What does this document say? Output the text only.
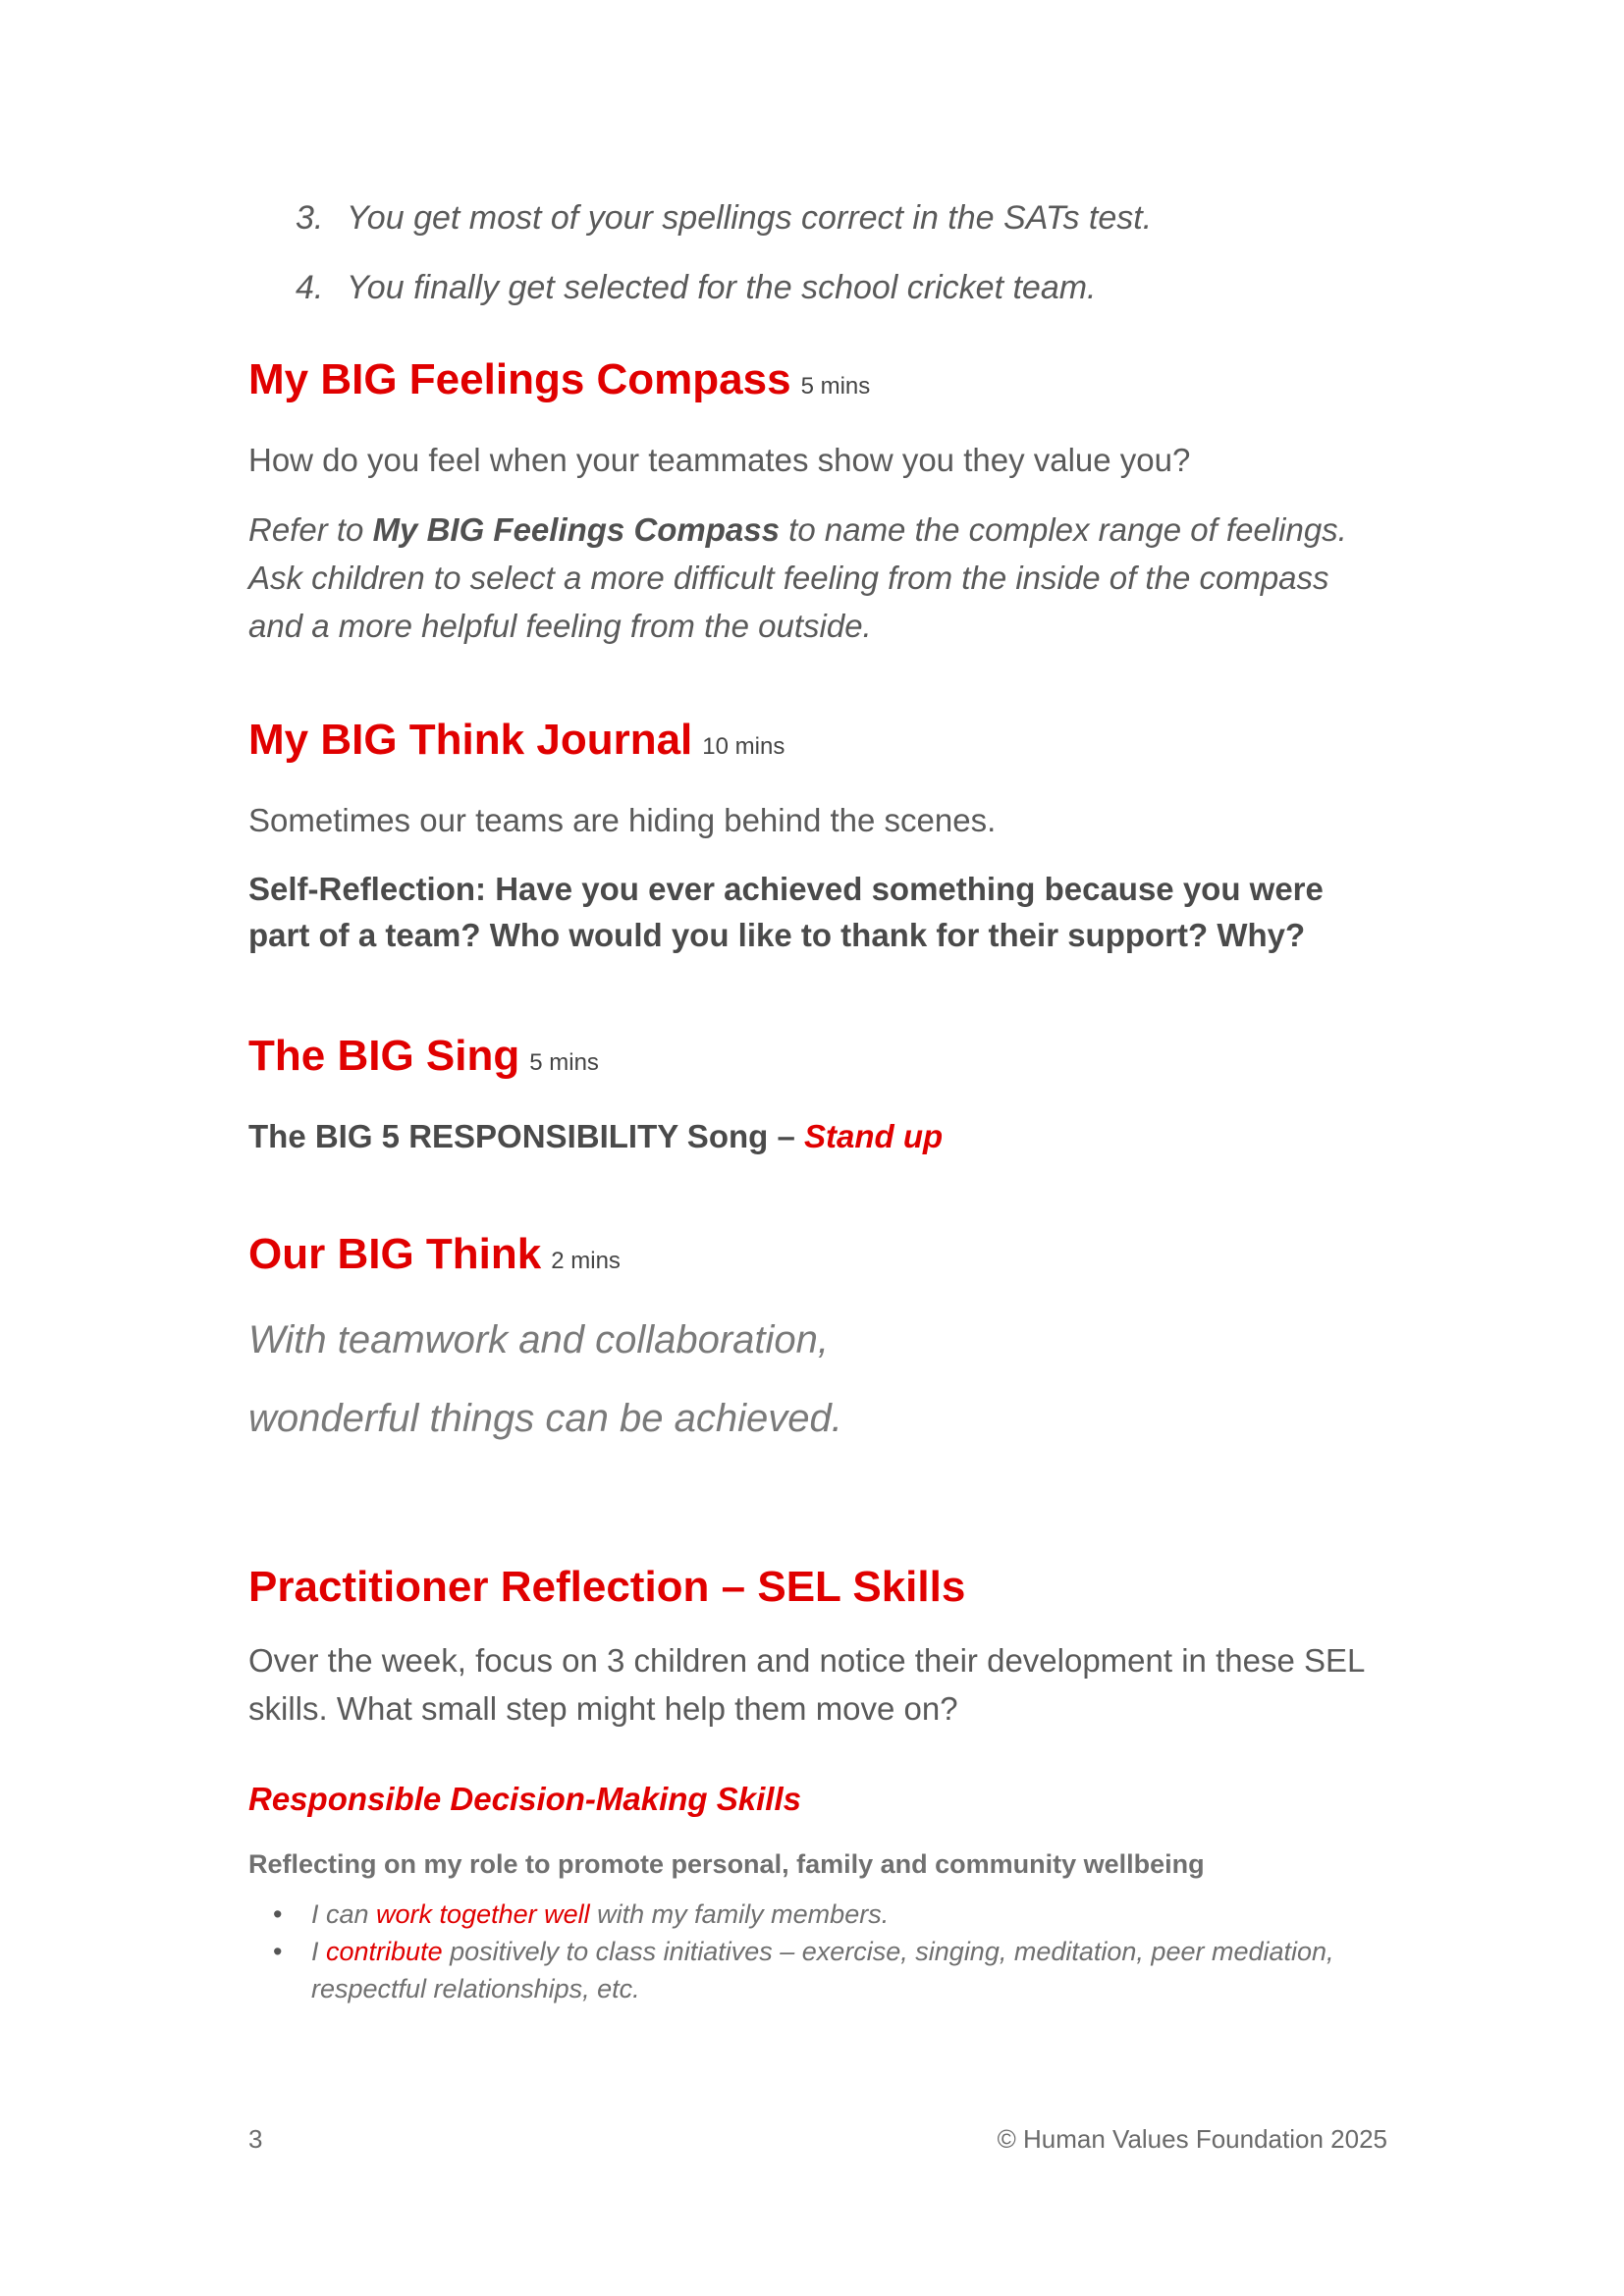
3. You get most of your spellings correct in the SATs test.
4. You finally get selected for the school cricket team.
My BIG Feelings Compass 5 mins

How do you feel when your teammates show you they value you?

Refer to My BIG Feelings Compass to name the complex range of feelings. Ask children to select a more difficult feeling from the inside of the compass and a more helpful feeling from the outside.

My BIG Think Journal 10 mins

Sometimes our teams are hiding behind the scenes.

Self-Reflection: Have you ever achieved something because you were part of a team? Who would you like to thank for their support? Why?

The BIG Sing 5 mins

The BIG 5 RESPONSIBILITY Song – Stand up

Our BIG Think 2 mins

With teamwork and collaboration,

wonderful things can be achieved.

Practitioner Reflection – SEL Skills

Over the week, focus on 3 children and notice their development in these SEL skills. What small step might help them move on?

Responsible Decision-Making Skills

Reflecting on my role to promote personal, family and community wellbeing

• I can work together well with my family members.
• I contribute positively to class initiatives – exercise, singing, meditation, peer mediation, respectful relationships, etc.
3	© Human Values Foundation 2025
